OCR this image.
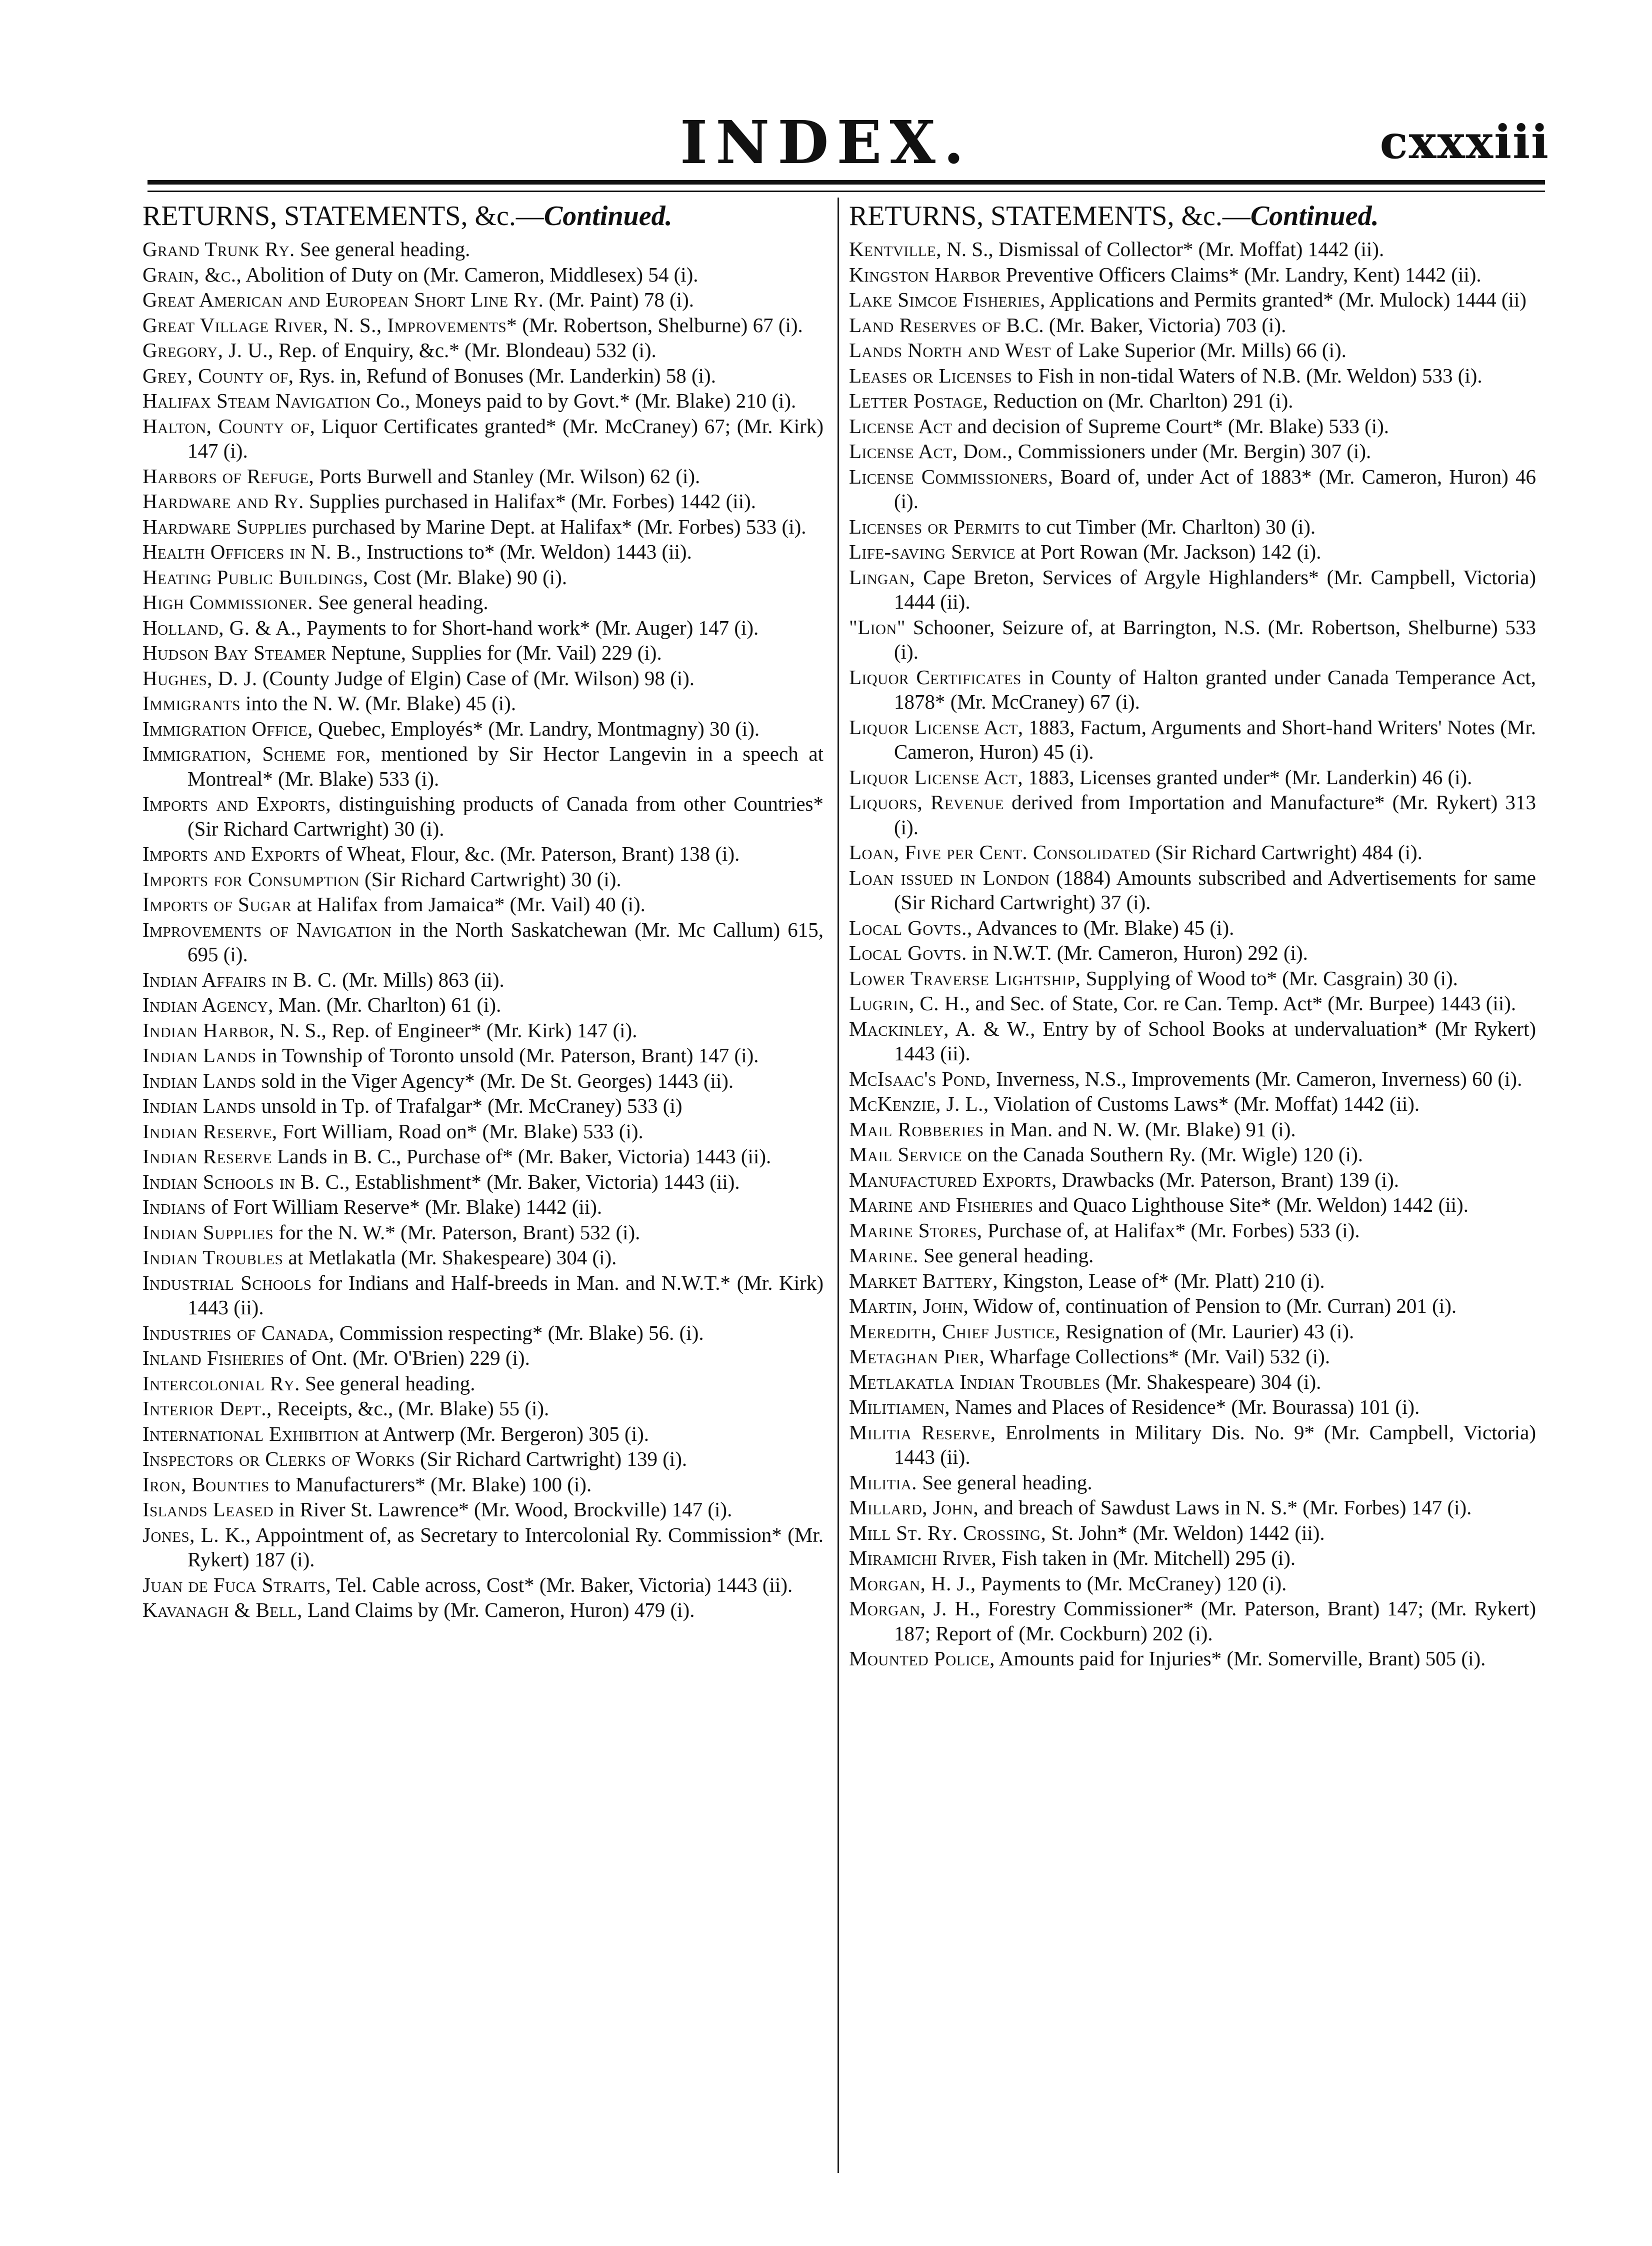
INDEX.	cxxxiii
RETURNS, STATEMENTS, &c.—Continued.
Grand Trunk Ry. See general heading.
Grain, &c., Abolition of Duty on (Mr. Cameron, Middlesex) 54 (i).
Great American and European Short Line Ry. (Mr. Paint) 78 (i).
Great Village River, N. S., Improvements* (Mr. Robertson, Shelburne) 67 (i).
Gregory, J. U., Rep. of Enquiry, &c.* (Mr. Blondeau) 532 (i).
Grey, County of, Rys. in, Refund of Bonuses (Mr. Landerkin) 58 (i).
Halifax Steam Navigation Co., Moneys paid to by Govt.* (Mr. Blake) 210 (i).
Halton, County of, Liquor Certificates granted* (Mr. McCraney) 67; (Mr. Kirk) 147 (i).
Harbors of Refuge, Ports Burwell and Stanley (Mr. Wilson) 62 (i).
Hardware and Ry. Supplies purchased in Halifax* (Mr. Forbes) 1442 (ii).
Hardware Supplies purchased by Marine Dept. at Halifax* (Mr. Forbes) 533 (i).
Health Officers in N. B., Instructions to* (Mr. Weldon) 1443 (ii).
Heating Public Buildings, Cost (Mr. Blake) 90 (i).
High Commissioner. See general heading.
Holland, G. & A., Payments to for Short-hand work* (Mr. Auger) 147 (i).
Hudson Bay Steamer Neptune, Supplies for (Mr. Vail) 229 (i).
Hughes, D. J. (County Judge of Elgin) Case of (Mr. Wilson) 98 (i).
Immigrants into the N. W. (Mr. Blake) 45 (i).
Immigration Office, Quebec, Employés* (Mr. Landry, Montmagny) 30 (i).
Immigration, Scheme for, mentioned by Sir Hector Langevin in a speech at Montreal* (Mr. Blake) 533 (i).
Imports and Exports, distinguishing products of Canada from other Countries* (Sir Richard Cartwright) 30 (i).
Imports and Exports of Wheat, Flour, &c. (Mr. Paterson, Brant) 138 (i).
Imports for Consumption (Sir Richard Cartwright) 30 (i).
Imports of Sugar at Halifax from Jamaica* (Mr. Vail) 40 (i).
Improvements of Navigation in the North Saskatchewan (Mr. Mc Callum) 615, 695 (i).
Indian Affairs in B. C. (Mr. Mills) 863 (ii).
Indian Agency, Man. (Mr. Charlton) 61 (i).
Indian Harbor, N. S., Rep. of Engineer* (Mr. Kirk) 147 (i).
Indian Lands in Township of Toronto unsold (Mr. Paterson, Brant) 147 (i).
Indian Lands sold in the Viger Agency* (Mr. De St. Georges) 1443 (ii).
Indian Lands unsold in Tp. of Trafalgar* (Mr. McCraney) 533 (i)
Indian Reserve, Fort William, Road on* (Mr. Blake) 533 (i).
Indian Reserve Lands in B. C., Purchase of* (Mr. Baker, Victoria) 1443 (ii).
Indian Schools in B. C., Establishment* (Mr. Baker, Victoria) 1443 (ii).
Indians of Fort William Reserve* (Mr. Blake) 1442 (ii).
Indian Supplies for the N. W.* (Mr. Paterson, Brant) 532 (i).
Indian Troubles at Metlakatla (Mr. Shakespeare) 304 (i).
Industrial Schools for Indians and Half-breeds in Man. and N.W.T.* (Mr. Kirk) 1443 (ii).
Industries of Canada, Commission respecting* (Mr. Blake) 56. (i).
Inland Fisheries of Ont. (Mr. O'Brien) 229 (i).
Intercolonial Ry. See general heading.
Interior Dept., Receipts, &c., (Mr. Blake) 55 (i).
International Exhibition at Antwerp (Mr. Bergeron) 305 (i).
Inspectors or Clerks of Works (Sir Richard Cartwright) 139 (i).
Iron, Bounties to Manufacturers* (Mr. Blake) 100 (i).
Islands Leased in River St. Lawrence* (Mr. Wood, Brockville) 147 (i).
Jones, L. K., Appointment of, as Secretary to Intercolonial Ry. Commission* (Mr. Rykert) 187 (i).
Juan de Fuca Straits, Tel. Cable across, Cost* (Mr. Baker, Victoria) 1443 (ii).
Kavanagh & Bell, Land Claims by (Mr. Cameron, Huron) 479 (i).
RETURNS, STATEMENTS, &c.—Continued.
Kentville, N. S., Dismissal of Collector* (Mr. Moffat) 1442 (ii).
Kingston Harbor Preventive Officers Claims* (Mr. Landry, Kent) 1442 (ii).
Lake Simcoe Fisheries, Applications and Permits granted* (Mr. Mulock) 1444 (ii)
Land Reserves of B.C. (Mr. Baker, Victoria) 703 (i).
Lands North and West of Lake Superior (Mr. Mills) 66 (i).
Leases or Licenses to Fish in non-tidal Waters of N.B. (Mr. Weldon) 533 (i).
Letter Postage, Reduction on (Mr. Charlton) 291 (i).
License Act and decision of Supreme Court* (Mr. Blake) 533 (i).
License Act, Dom., Commissioners under (Mr. Bergin) 307 (i).
License Commissioners, Board of, under Act of 1883* (Mr. Cameron, Huron) 46 (i).
Licenses or Permits to cut Timber (Mr. Charlton) 30 (i).
Life-saving Service at Port Rowan (Mr. Jackson) 142 (i).
Lingan, Cape Breton, Services of Argyle Highlanders* (Mr. Campbell, Victoria) 1444 (ii).
"Lion" Schooner, Seizure of, at Barrington, N.S. (Mr. Robertson, Shelburne) 533 (i).
Liquor Certificates in County of Halton granted under Canada Temperance Act, 1878* (Mr. McCraney) 67 (i).
Liquor License Act, 1883, Factum, Arguments and Short-hand Writers' Notes (Mr. Cameron, Huron) 45 (i).
Liquor License Act, 1883, Licenses granted under* (Mr. Landerkin) 46 (i).
Liquors, Revenue derived from Importation and Manufacture* (Mr. Rykert) 313 (i).
Loan, Five per Cent. Consolidated (Sir Richard Cartwright) 484 (i).
Loan issued in London (1884) Amounts subscribed and Advertisements for same (Sir Richard Cartwright) 37 (i).
Local Govts., Advances to (Mr. Blake) 45 (i).
Local Govts. in N.W.T. (Mr. Cameron, Huron) 292 (i).
Lower Traverse Lightship, Supplying of Wood to* (Mr. Casgrain) 30 (i).
Lugrin, C. H., and Sec. of State, Cor. re Can. Temp. Act* (Mr. Burpee) 1443 (ii).
Mackinley, A. & W., Entry by of School Books at undervaluation* (Mr Rykert) 1443 (ii).
McIsaac's Pond, Inverness, N.S., Improvements (Mr. Cameron, Inverness) 60 (i).
McKenzie, J. L., Violation of Customs Laws* (Mr. Moffat) 1442 (ii).
Mail Robberies in Man. and N. W. (Mr. Blake) 91 (i).
Mail Service on the Canada Southern Ry. (Mr. Wigle) 120 (i).
Manufactured Exports, Drawbacks (Mr. Paterson, Brant) 139 (i).
Marine and Fisheries and Quaco Lighthouse Site* (Mr. Weldon) 1442 (ii).
Marine Stores, Purchase of, at Halifax* (Mr. Forbes) 533 (i).
Marine. See general heading.
Market Battery, Kingston, Lease of* (Mr. Platt) 210 (i).
Martin, John, Widow of, continuation of Pension to (Mr. Curran) 201 (i).
Meredith, Chief Justice, Resignation of (Mr. Laurier) 43 (i).
Metaghan Pier, Wharfage Collections* (Mr. Vail) 532 (i).
Metlakatla Indian Troubles (Mr. Shakespeare) 304 (i).
Militiamen, Names and Places of Residence* (Mr. Bourassa) 101 (i).
Militia Reserve, Enrolments in Military Dis. No. 9* (Mr. Campbell, Victoria) 1443 (ii).
Militia. See general heading.
Millard, John, and breach of Sawdust Laws in N. S.* (Mr. Forbes) 147 (i).
Mill St. Ry. Crossing, St. John* (Mr. Weldon) 1442 (ii).
Miramichi River, Fish taken in (Mr. Mitchell) 295 (i).
Morgan, H. J., Payments to (Mr. McCraney) 120 (i).
Morgan, J. H., Forestry Commissioner* (Mr. Paterson, Brant) 147; (Mr. Rykert) 187; Report of (Mr. Cockburn) 202 (i).
Mounted Police, Amounts paid for Injuries* (Mr. Somerville, Brant) 505 (i).
